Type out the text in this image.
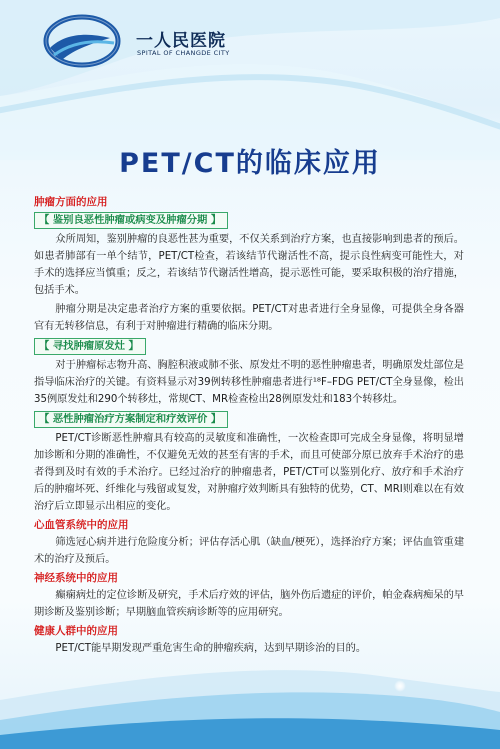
一人民医院
SPITAL OF CHANGDE CITY
PET/CT的临床应用
肿瘤方面的应用
【 鉴别良恶性肿瘤或病变及肿瘤分期 】
众所周知，鉴别肿瘤的良恶性甚为重要，不仅关系到治疗方案，也直接影响到患者的预后。如患者肺部有一单个结节，PET/CT检查，若该结节代谢活性不高，提示良性病变可能性大，对手术的选择应当慎重；反之，若该结节代谢活性增高，提示恶性可能，要采取积极的治疗措施，包括手术。
肿瘤分期是决定患者治疗方案的重要依据。PET/CT对患者进行全身显像，可提供全身各器官有无转移信息，有利于对肿瘤进行精确的临床分期。
【 寻找肿瘤原发灶 】
对于肿瘤标志物升高、胸腔积液或肺不张、原发灶不明的恶性肿瘤患者，明确原发灶部位是指导临床治疗的关键。有资料显示对39例转移性肿瘤患者进行¹⁸F–FDG PET/CT全身显像，检出35例原发灶和290个转移灶，常规CT、MR检查检出28例原发灶和183个转移灶。
【 恶性肿瘤治疗方案制定和疗效评价 】
PET/CT诊断恶性肿瘤具有较高的灵敏度和准确性，一次检查即可完成全身显像，将明显增加诊断和分期的准确性，不仅避免无效的甚至有害的手术，而且可使部分原已放弃手术治疗的患者得到及时有效的手术治疗。已经过治疗的肿瘤患者，PET/CT可以鉴别化疗、放疗和手术治疗后的肿瘤坏死、纤维化与残留或复发，对肿瘤疗效判断具有独特的优势，CT、MRI则难以在有效治疗后立即显示出相应的变化。
心血管系统中的应用
筛选冠心病并进行危险度分析；评估存活心肌（缺血/梗死），选择治疗方案；评估血管重建术的治疗及预后。
神经系统中的应用
癫痫病灶的定位诊断及研究，手术后疗效的评估，脑外伤后遗症的评价，帕金森病痴呆的早期诊断及鉴别诊断；早期脑血管疾病诊断等的应用研究。
健康人群中的应用
PET/CT能早期发现严重危害生命的肿瘤疾病，达到早期诊治的目的。
